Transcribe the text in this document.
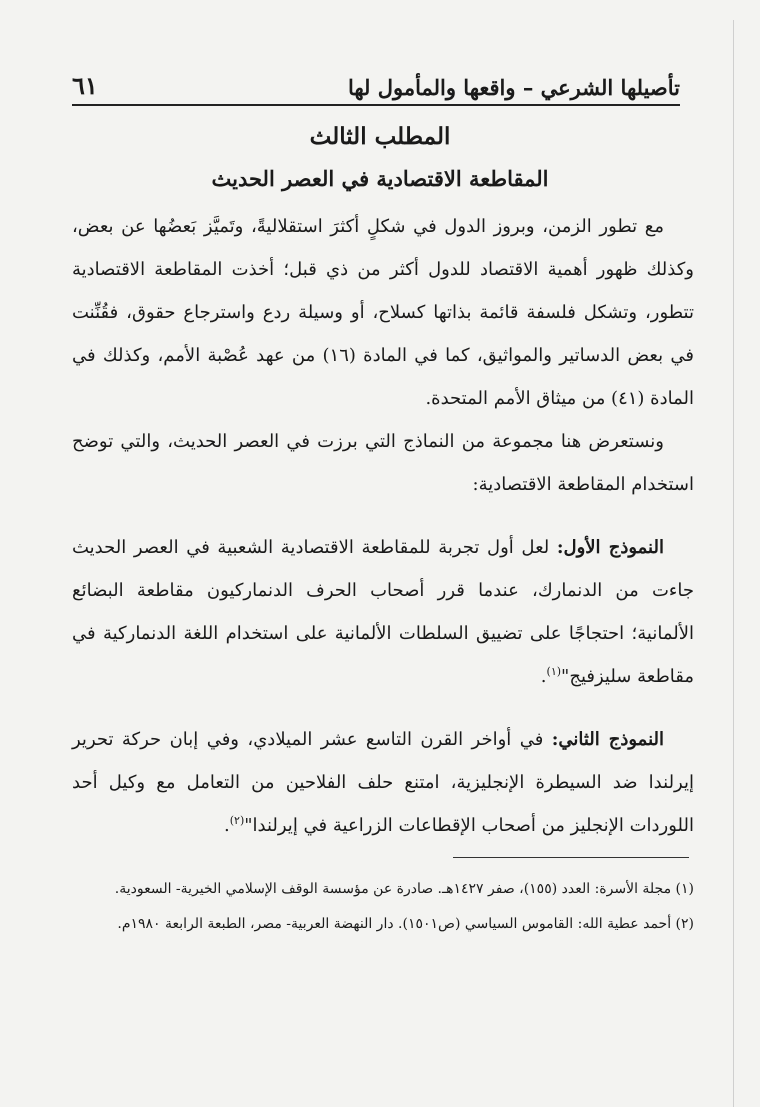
تأصيلها الشرعي – واقعها والمأمول لها
٦١
المطلب الثالث
المقاطعة الاقتصادية في العصر الحديث

مع تطور الزمن، وبروز الدول في شكلٍ أكثرَ استقلاليةً، وتَميَّز بَعضُها عن بعض، وكذلك ظهور أهمية الاقتصاد للدول أكثر من ذي قبل؛ أخذت المقاطعة الاقتصادية تتطور، وتشكل فلسفة قائمة بذاتها كسلاح، أو وسيلة ردع واسترجاع حقوق، فقُنِّنت في بعض الدساتير والمواثيق، كما في المادة (١٦) من عهد عُصْبة الأمم، وكذلك في المادة (٤١) من ميثاق الأمم المتحدة.

ونستعرض هنا مجموعة من النماذج التي برزت في العصر الحديث، والتي توضح استخدام المقاطعة الاقتصادية:

النموذج الأول: لعل أول تجربة للمقاطعة الاقتصادية الشعبية في العصر الحديث جاءت من الدنمارك، عندما قرر أصحاب الحرف الدنماركيون مقاطعة البضائع الألمانية؛ احتجاجًا على تضييق السلطات الألمانية على استخدام اللغة الدنماركية في مقاطعة سليزفيج"$^{(١)}$.

النموذج الثاني: في أواخر القرن التاسع عشر الميلادي، وفي إبان حركة تحرير إيرلندا ضد السيطرة الإنجليزية، امتنع حلف الفلاحين من التعامل مع وكيل أحد اللوردات الإنجليز من أصحاب الإقطاعات الزراعية في إيرلندا"$^{(٢)}$.

(١) مجلة الأسرة: العدد (١٥٥)، صفر ١٤٢٧هـ. صادرة عن مؤسسة الوقف الإسلامي الخيرية- السعودية.

(٢) أحمد عطية الله: القاموس السياسي (ص١٥٠١). دار النهضة العربية- مصر، الطبعة الرابعة ١٩٨٠م.
